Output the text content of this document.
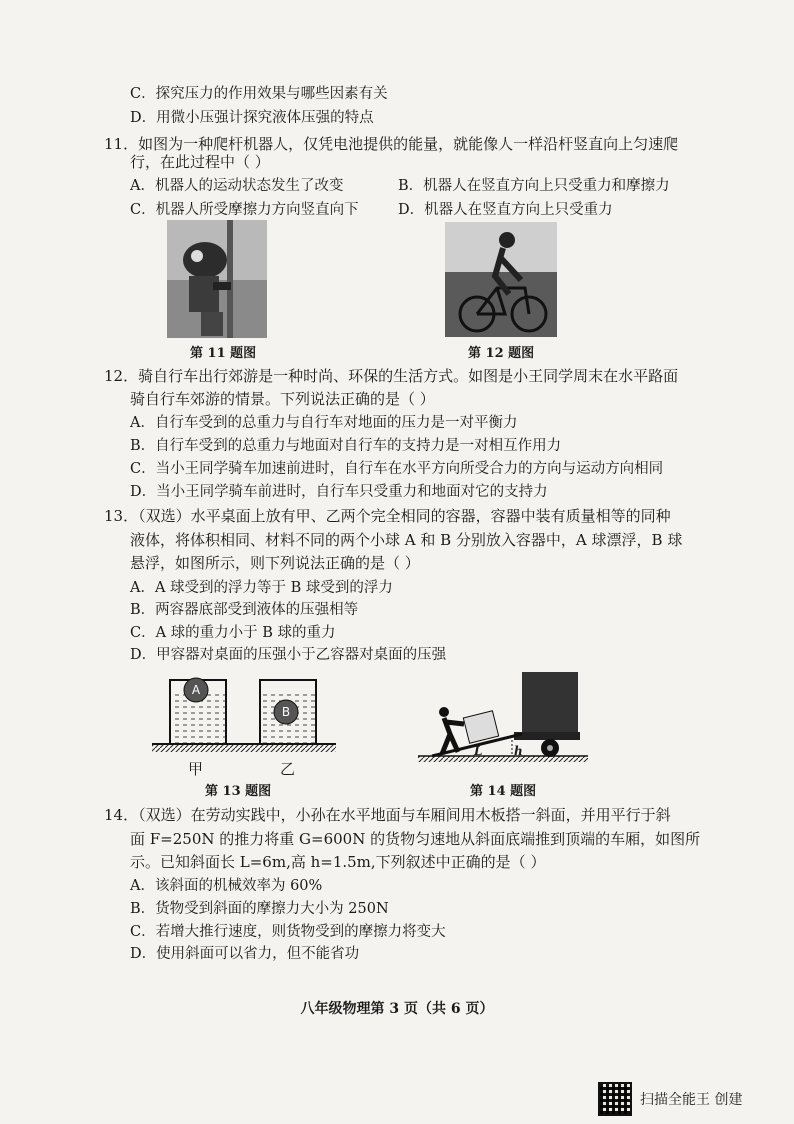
C．探究压力的作用效果与哪些因素有关
D．用微小压强计探究液体压强的特点
11．如图为一种爬杆机器人，仅凭电池提供的能量，就能像人一样沿杆竖直向上匀速爬
行，在此过程中（ ）
A．机器人的运动状态发生了改变	B．机器人在竖直方向上只受重力和摩擦力
C．机器人所受摩擦力方向竖直向下	D．机器人在竖直方向上只受重力
第 11 题图	第 12 题图
12．骑自行车出行郊游是一种时尚、环保的生活方式。如图是小王同学周末在水平路面
骑自行车郊游的情景。下列说法正确的是（ ）
A．自行车受到的总重力与自行车对地面的压力是一对平衡力
B．自行车受到的总重力与地面对自行车的支持力是一对相互作用力
C．当小王同学骑车加速前进时，自行车在水平方向所受合力的方向与运动方向相同
D．当小王同学骑车前进时，自行车只受重力和地面对它的支持力
13．（双选）水平桌面上放有甲、乙两个完全相同的容器，容器中装有质量相等的同种
液体，将体积相同、材料不同的两个小球 A 和 B 分别放入容器中，A 球漂浮，B 球
悬浮，如图所示，则下列说法正确的是（ ）
A．A 球受到的浮力等于 B 球受到的浮力
B．两容器底部受到液体的压强相等
C．A 球的重力小于 B 球的重力
D．甲容器对桌面的压强小于乙容器对桌面的压强
A
B
甲	乙
第 13 题图
L	h
第 14 题图
14．（双选）在劳动实践中，小孙在水平地面与车厢间用木板搭一斜面，并用平行于斜
面 F=250N 的推力将重 G=600N 的货物匀速地从斜面底端推到顶端的车厢，如图所
示。已知斜面长 L=6m,高 h=1.5m,下列叙述中正确的是（ ）
A．该斜面的机械效率为 60%
B．货物受到斜面的摩擦力大小为 250N
C．若增大推行速度，则货物受到的摩擦力将变大
D．使用斜面可以省力，但不能省功
八年级物理第 3 页（共 6 页）
扫描全能王 创建
